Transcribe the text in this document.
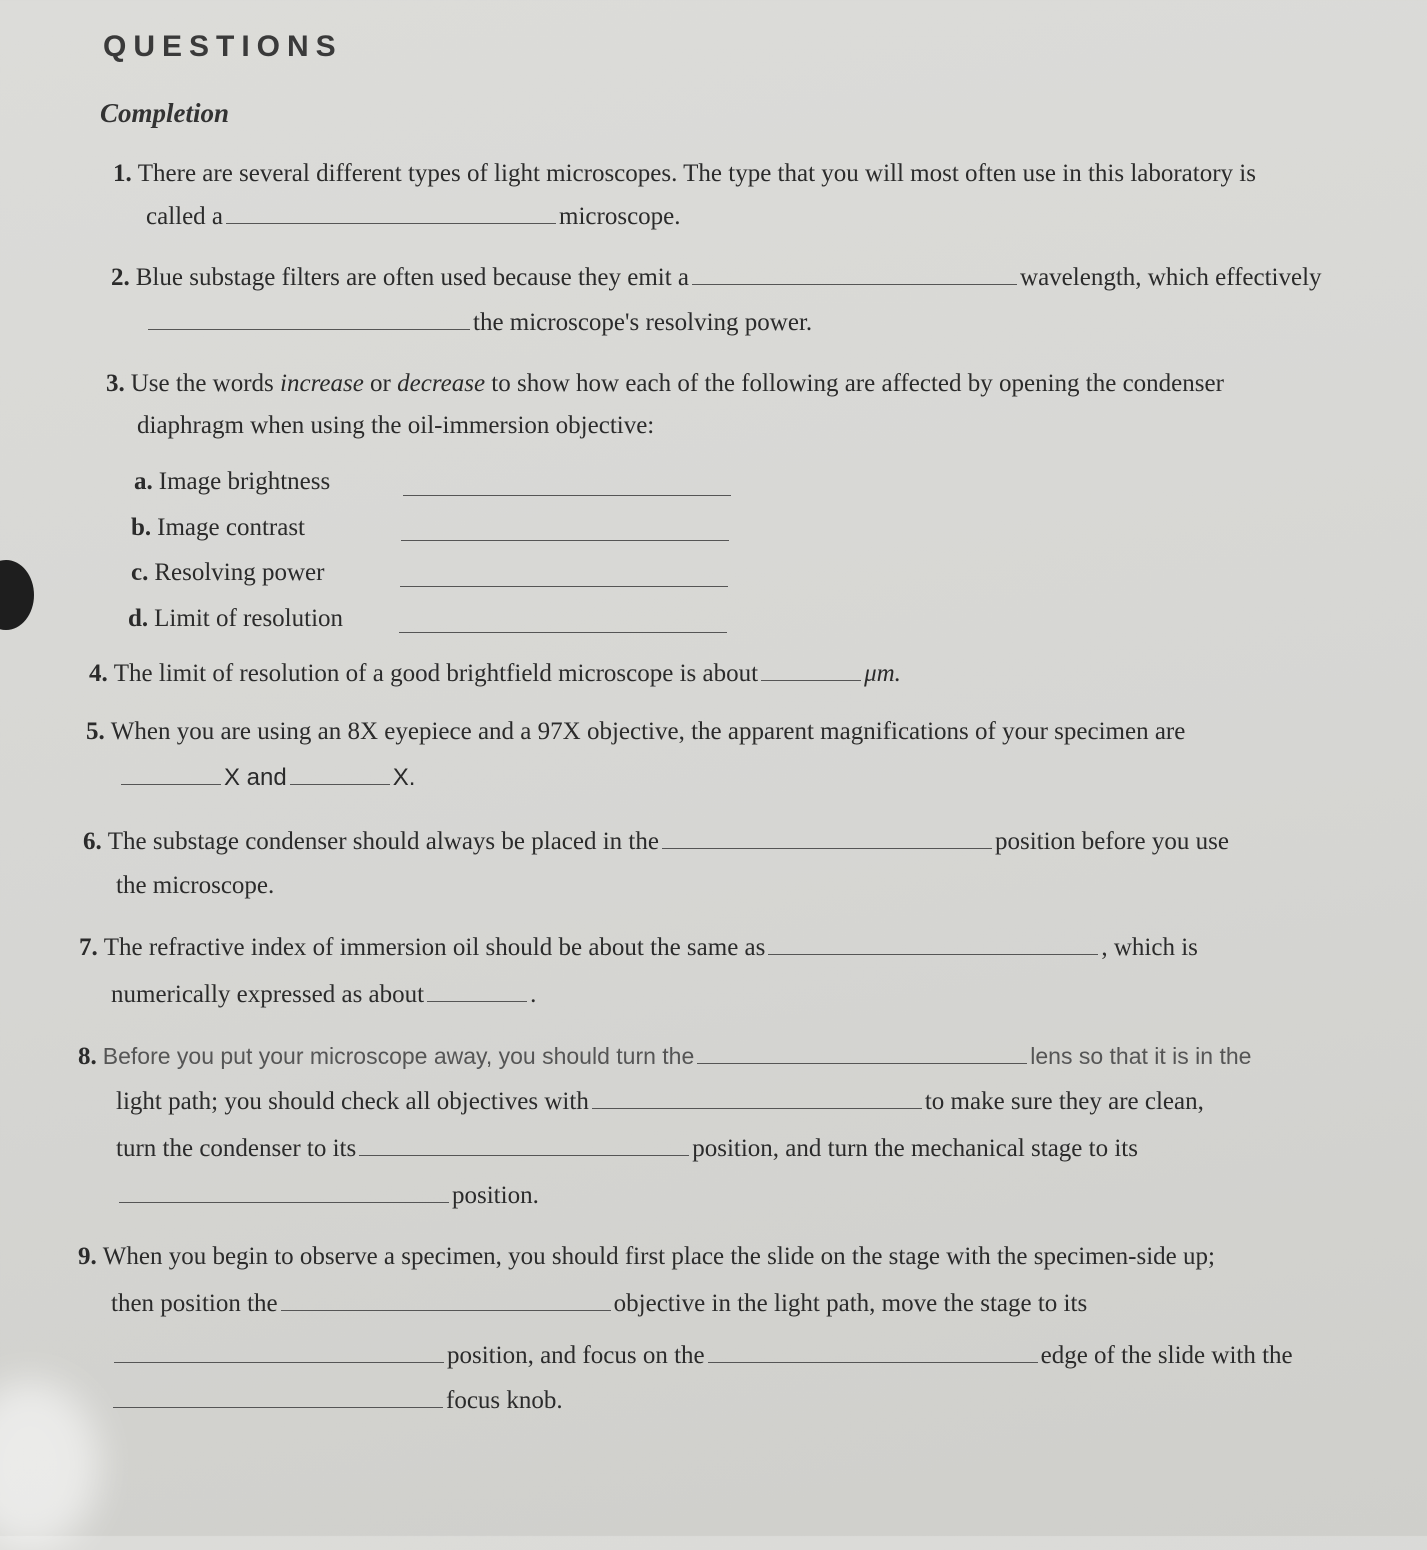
QUESTIONS
Completion
1. There are several different types of light microscopes. The type that you will most often use in this laboratory is
called a	microscope.
2. Blue substage filters are often used because they emit a	wavelength, which effectively
the microscope's resolving power.
3. Use the words increase or decrease to show how each of the following are affected by opening the condenser
diaphragm when using the oil-immersion objective:
a. Image brightness
b. Image contrast
c. Resolving power
d. Limit of resolution
4. The limit of resolution of a good brightfield microscope is about	μm.
5. When you are using an 8X eyepiece and a 97X objective, the apparent magnifications of your specimen are
X and	X.
6. The substage condenser should always be placed in the	position before you use
the microscope.
7. The refractive index of immersion oil should be about the same as	, which is
numerically expressed as about	.
8. Before you put your microscope away, you should turn the	lens so that it is in the
light path; you should check all objectives with	to make sure they are clean,
turn the condenser to its	position, and turn the mechanical stage to its
position.
9. When you begin to observe a specimen, you should first place the slide on the stage with the specimen-side up;
then position the	objective in the light path, move the stage to its
position, and focus on the	edge of the slide with the
focus knob.
